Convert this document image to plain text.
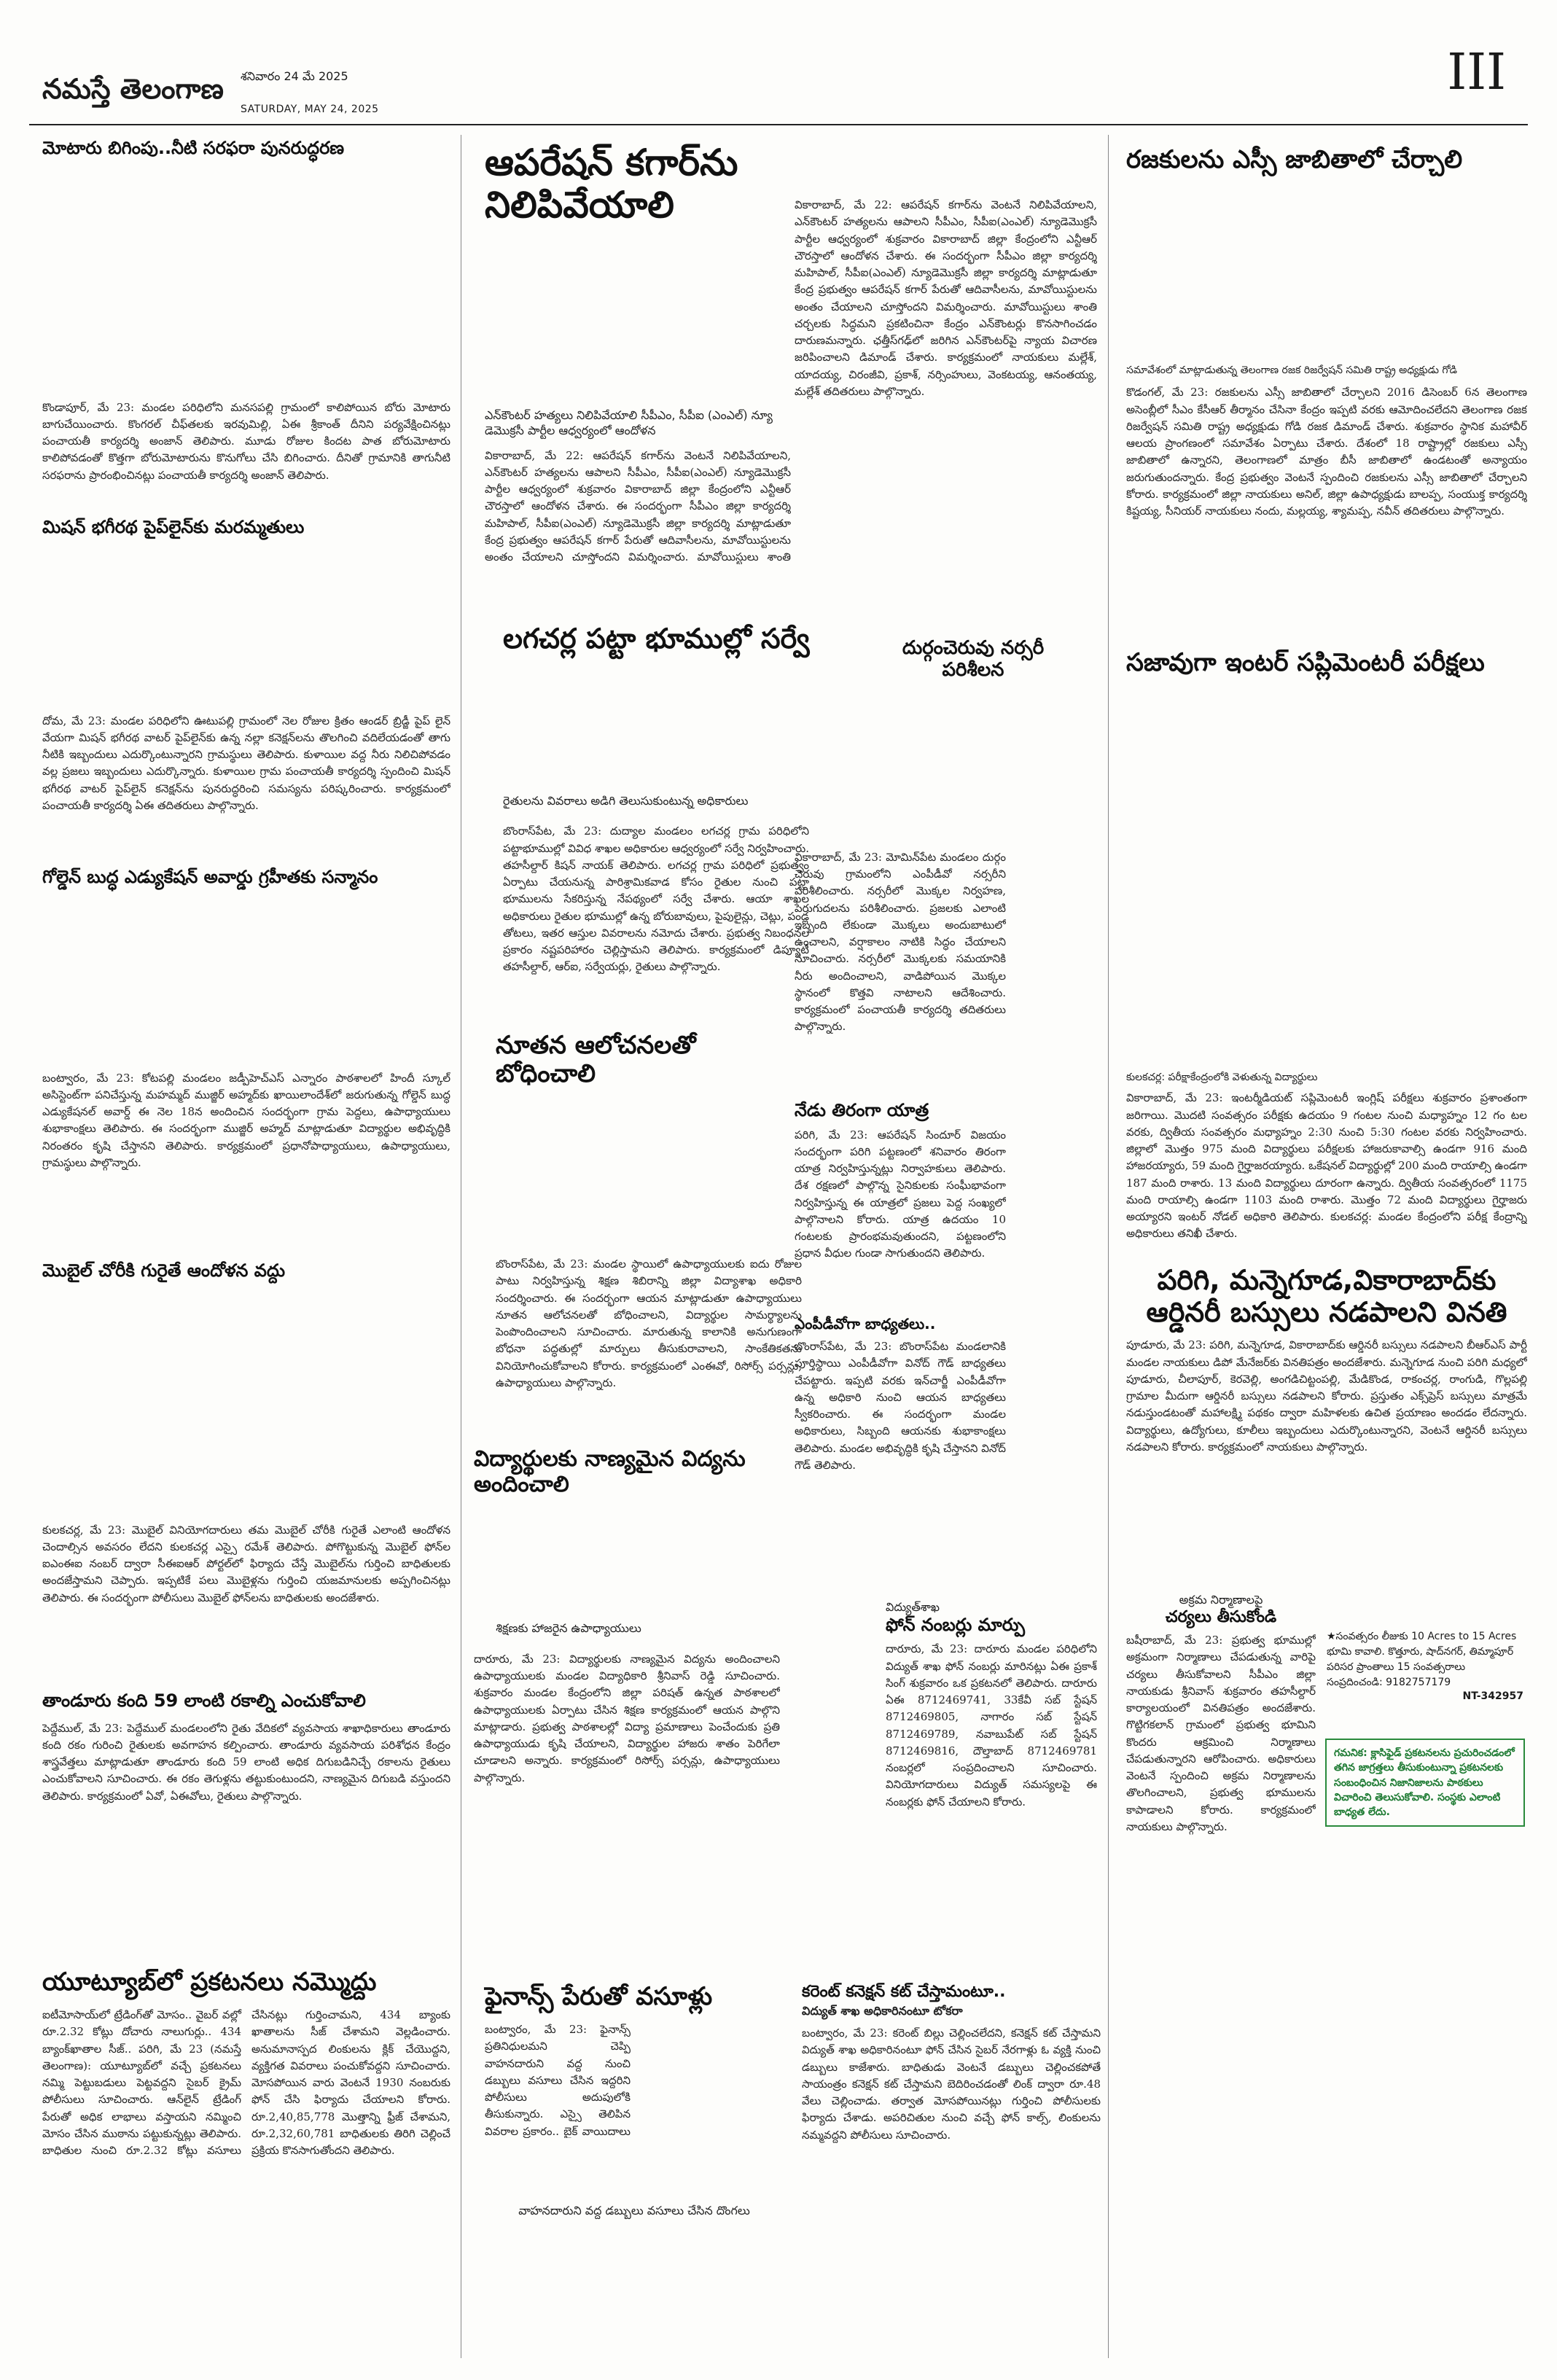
నమస్తే తెలంగాణ శనివారం 24 మే 2025
SATURDAY, MAY 24, 2025
III
మోటారు బిగింపు..నీటి సరఫరా పునరుద్ధరణ
కొండాపూర్‌, మే 23: మండల పరిధిలోని మనసపల్లి గ్రామంలో కాలిపోయిన బోరు మోటారు బాగుచేయించారు. కొంగరల్‌ చీఫ్‌తలకు ఇరవుమిల్లి, ఏఈ శ్రీకాంత్‌ దీనిని పర్యవేక్షించినట్లు పంచాయతీ కార్యదర్శి అంజాన్‌ తెలిపారు. మూడు రోజుల కిందట పాత బోరుమోటారు కాలిపోవడంతో కొత్తగా బోరుమోటారును కొనుగోలు చేసి బిగించారు. దీనితో గ్రామానికి తాగునీటి సరఫరాను ప్రారంభించినట్లు పంచాయతీ కార్యదర్శి అంజాన్‌ తెలిపారు.
మిషన్‌ భగీరథ పైప్‌లైన్‌కు మరమ్మతులు
దోమ, మే 23: మండల పరిధిలోని ఊటుపల్లి గ్రామంలో నెల రోజుల క్రితం ఆండర్‌ బ్రిడ్జీ పైప్‌ లైన్‌ వేయగా మిషన్‌ భగీరథ వాటర్‌ పైప్‌లైన్‌కు ఉన్న నల్లా కనెక్షన్‌లను తొలగించి వదిలేయడంతో తాగు నీటికి ఇబ్బందులు ఎదుర్కొంటున్నారని గ్రామస్థులు తెలిపారు. కుళాయిల వద్ద నీరు నిలిచిపోవడం వల్ల ప్రజలు ఇబ్బందులు ఎదుర్కొన్నారు. కుళాయిల గ్రామ పంచాయతీ కార్యదర్శి స్పందించి మిషన్‌ భగీరథ వాటర్‌ పైప్‌లైన్‌ కనెక్షన్‌ను పునరుద్ధరించి సమస్యను పరిష్కరించారు. కార్యక్రమంలో పంచాయతీ కార్యదర్శి ఏఈ తదితరులు పాల్గొన్నారు.
గోల్డెన్‌ బుద్ధ ఎడ్యుకేషన్‌ అవార్డు గ్రహీతకు సన్మానం
బంట్వారం, మే 23: కోటపల్లి మండలం జడ్పీహెచ్‌ఎస్‌ ఎన్నారం పాఠశాలలో హిందీ స్కూల్‌ అసిస్టెంట్‌గా పనిచేస్తున్న మహమ్మద్‌ ముజ్జిర్‌ అహ్మద్‌కు ఖాయిలాందేశ్‌లో జరుగుతున్న గోల్డెన్‌ బుద్ధ ఎడ్యుకేషనల్‌ అవార్డ్‌ ఈ నెల 18న అందించిన సందర్భంగా గ్రామ పెద్దలు, ఉపాధ్యాయులు శుభాకాంక్షలు తెలిపారు. ఈ సందర్భంగా ముజ్జిర్‌ అహ్మద్‌ మాట్లాడుతూ విద్యార్థుల అభివృద్ధికి నిరంతరం కృషి చేస్తానని తెలిపారు. కార్యక్రమంలో ప్రధానోపాధ్యాయులు, ఉపాధ్యాయులు, గ్రామస్థులు పాల్గొన్నారు.
మొబైల్‌ చోరీకి గురైతే ఆందోళన వద్దు
కులకచర్ల, మే 23: మొబైల్‌ వినియోగదారులు తమ మొబైల్‌ చోరీకి గురైతే ఎలాంటి ఆందోళన చెందాల్సిన అవసరం లేదని కులకచర్ల ఎస్సై రమేశ్‌ తెలిపారు. పోగొట్టుకున్న మొబైల్‌ ఫోన్‌ల ఐఎంఈఐ నంబర్‌ ద్వారా సీఈఐఆర్‌ పోర్టల్‌లో ఫిర్యాదు చేస్తే మొబైల్‌ను గుర్తించి బాధితులకు అందజేస్తామని చెప్పారు. ఇప్పటికే పలు మొబైళ్లను గుర్తించి యజమానులకు అప్పగించినట్లు తెలిపారు. ఈ సందర్భంగా పోలీసులు మొబైల్‌ ఫోన్‌లను బాధితులకు అందజేశారు.
తాండూరు కంది 59 లాంటి రకాల్ని ఎంచుకోవాలి
పెద్దేముల్‌, మే 23: పెద్దేముల్‌ మండలంలోని రైతు వేదికలో వ్యవసాయ శాఖాధికారులు తాండూరు కంది రకం గురించి రైతులకు అవగాహన కల్పించారు. తాండూరు వ్యవసాయ పరిశోధన కేంద్రం శాస్త్రవేత్తలు మాట్లాడుతూ తాండూరు కంది 59 లాంటి అధిక దిగుబడినిచ్చే రకాలను రైతులు ఎంచుకోవాలని సూచించారు. ఈ రకం తెగుళ్లను తట్టుకుంటుందని, నాణ్యమైన దిగుబడి వస్తుందని తెలిపారు. కార్యక్రమంలో ఏవో, ఏఈవోలు, రైతులు పాల్గొన్నారు.
యూట్యూబ్‌లో ప్రకటనలు నమ్మొద్దు
ఐటీమోసాయ్‌లో ట్రేడింగ్‌తో మోసం.. వైబర్‌ వల్లో రూ.2.32 కోట్లు దోచారు నాలుగుర్లు.. 434 బ్యాంక్‌ఖాతాల సీజ్‌.. పరిగి, మే 23 (నమస్తే తెలంగాణ): యూట్యూబ్‌లో వచ్చే ప్రకటనలు నమ్మి పెట్టుబడులు పెట్టవద్దని సైబర్‌ క్రైమ్‌ పోలీసులు సూచించారు. ఆన్‌లైన్‌ ట్రేడింగ్‌ పేరుతో అధిక లాభాలు వస్తాయని నమ్మించి మోసం చేసిన ముఠాను పట్టుకున్నట్లు తెలిపారు. బాధితుల నుంచి రూ.2.32 కోట్లు వసూలు చేసినట్లు గుర్తించామని, 434 బ్యాంకు ఖాతాలను సీజ్‌ చేశామని వెల్లడించారు. అనుమానాస్పద లింకులను క్లిక్‌ చేయొద్దని, వ్యక్తిగత వివరాలు పంచుకోవద్దని సూచించారు. మోసపోయిన వారు వెంటనే 1930 నంబరుకు ఫోన్‌ చేసి ఫిర్యాదు చేయాలని కోరారు. రూ.2,40,85,778 మొత్తాన్ని ఫ్రీజ్‌ చేశామని, రూ.2,32,60,781 బాధితులకు తిరిగి చెల్లించే ప్రక్రియ కొనసాగుతోందని తెలిపారు.
ఆపరేషన్‌ కగార్‌ను నిలిపివేయాలి
ఎన్‌కౌంటర్‌ హత్యలు నిలిపివేయాలి సీపీఎం, సీపీఐ (ఎంఎల్‌) న్యూ డెమొక్రసీ పార్టీల ఆధ్వర్యంలో ఆందోళన
వికారాబాద్‌, మే 22: ఆపరేషన్‌ కగార్‌ను వెంటనే నిలిపివేయాలని, ఎన్‌కౌంటర్‌ హత్యలను ఆపాలని సీపీఎం, సీపీఐ(ఎంఎల్‌) న్యూడెమొక్రసీ పార్టీల ఆధ్వర్యంలో శుక్రవారం వికారాబాద్‌ జిల్లా కేంద్రంలోని ఎన్టీఆర్‌ చౌరస్తాలో ఆందోళన చేశారు. ఈ సందర్భంగా సీపీఎం జిల్లా కార్యదర్శి మహిపాల్‌, సీపీఐ(ఎంఎల్‌) న్యూడెమొక్రసీ జిల్లా కార్యదర్శి మాట్లాడుతూ కేంద్ర ప్రభుత్వం ఆపరేషన్‌ కగార్‌ పేరుతో ఆదివాసీలను, మావోయిస్టులను అంతం చేయాలని చూస్తోందని విమర్శించారు. మావోయిస్టులు శాంతి
వికారాబాద్‌, మే 22: ఆపరేషన్‌ కగార్‌ను వెంటనే నిలిపివేయాలని, ఎన్‌కౌంటర్‌ హత్యలను ఆపాలని సీపీఎం, సీపీఐ(ఎంఎల్‌) న్యూడెమొక్రసీ పార్టీల ఆధ్వర్యంలో శుక్రవారం వికారాబాద్‌ జిల్లా కేంద్రంలోని ఎన్టీఆర్‌ చౌరస్తాలో ఆందోళన చేశారు. ఈ సందర్భంగా సీపీఎం జిల్లా కార్యదర్శి మహిపాల్‌, సీపీఐ(ఎంఎల్‌) న్యూడెమొక్రసీ జిల్లా కార్యదర్శి మాట్లాడుతూ కేంద్ర ప్రభుత్వం ఆపరేషన్‌ కగార్‌ పేరుతో ఆదివాసీలను, మావోయిస్టులను అంతం చేయాలని చూస్తోందని విమర్శించారు. మావోయిస్టులు శాంతి చర్చలకు సిద్ధమని ప్రకటించినా కేంద్రం ఎన్‌కౌంటర్లు కొనసాగించడం దారుణమన్నారు. ఛత్తీస్‌గఢ్‌లో జరిగిన ఎన్‌కౌంటర్‌పై న్యాయ విచారణ జరిపించాలని డిమాండ్‌ చేశారు. కార్యక్రమంలో నాయకులు మల్లేశ్‌, యాదయ్య, చిరంజీవి, ప్రకాశ్‌, నర్సింహులు, వెంకటయ్య, ఆనంతయ్య, మల్లేశ్‌ తదితరులు పాల్గొన్నారు.
లగచర్ల పట్టా భూముల్లో సర్వే
రైతులను వివరాలు అడిగి తెలుసుకుంటున్న అధికారులు
బొంరాస్‌పేట, మే 23: దుద్యాల మండలం లగచర్ల గ్రామ పరిధిలోని పట్టాభూముల్లో వివిధ శాఖల అధికారుల ఆధ్వర్యంలో సర్వే నిర్వహించారు. తహసీల్దార్‌ కిషన్‌ నాయక్‌ తెలిపారు. లగచర్ల గ్రామ పరిధిలో ప్రభుత్వం ఏర్పాటు చేయనున్న పారిశ్రామికవాడ కోసం రైతుల నుంచి పట్టా భూములను సేకరిస్తున్న నేపథ్యంలో సర్వే చేశారు. ఆయా శాఖల అధికారులు రైతుల భూముల్లో ఉన్న బోరుబావులు, పైపులైన్లు, చెట్లు, పండ్ల తోటలు, ఇతర ఆస్తుల వివరాలను నమోదు చేశారు. ప్రభుత్వ నిబంధనల ప్రకారం నష్టపరిహారం చెల్లిస్తామని తెలిపారు. కార్యక్రమంలో డిప్యూటీ తహసీల్దార్‌, ఆర్‌ఐ, సర్వేయర్లు, రైతులు పాల్గొన్నారు.
నూతన ఆలోచనలతో బోధించాలి
బొంరాస్‌పేట, మే 23: మండల స్థాయిలో ఉపాధ్యాయులకు ఐదు రోజుల పాటు నిర్వహిస్తున్న శిక్షణ శిబిరాన్ని జిల్లా విద్యాశాఖ అధికారి సందర్శించారు. ఈ సందర్భంగా ఆయన మాట్లాడుతూ ఉపాధ్యాయులు నూతన ఆలోచనలతో బోధించాలని, విద్యార్థుల సామర్థ్యాలను పెంపొందించాలని సూచించారు. మారుతున్న కాలానికి అనుగుణంగా బోధనా పద్ధతుల్లో మార్పులు తీసుకురావాలని, సాంకేతికతను వినియోగించుకోవాలని కోరారు. కార్యక్రమంలో ఎంఈవో, రిసోర్స్‌ పర్సన్లు, ఉపాధ్యాయులు పాల్గొన్నారు.
విద్యార్థులకు నాణ్యమైన విద్యను అందించాలి
శిక్షణకు హాజరైన ఉపాధ్యాయులు
దారూరు, మే 23: విద్యార్థులకు నాణ్యమైన విద్యను అందించాలని ఉపాధ్యాయులకు మండల విద్యాధికారి శ్రీనివాస్‌ రెడ్డి సూచించారు. శుక్రవారం మండల కేంద్రంలోని జిల్లా పరిషత్‌ ఉన్నత పాఠశాలలో ఉపాధ్యాయులకు ఏర్పాటు చేసిన శిక్షణ కార్యక్రమంలో ఆయన పాల్గొని మాట్లాడారు. ప్రభుత్వ పాఠశాలల్లో విద్యా ప్రమాణాలు పెంచేందుకు ప్రతి ఉపాధ్యాయుడు కృషి చేయాలని, విద్యార్థుల హాజరు శాతం పెరిగేలా చూడాలని అన్నారు. కార్యక్రమంలో రిసోర్స్‌ పర్సన్లు, ఉపాధ్యాయులు పాల్గొన్నారు.
ఫైనాన్స్‌ పేరుతో వసూళ్లు
బంట్వారం, మే 23: ఫైనాన్స్‌ ప్రతినిధులమని చెప్పి వాహనదారుని వద్ద నుంచి డబ్బులు వసూలు చేసిన ఇద్దరిని పోలీసులు అదుపులోకి తీసుకున్నారు. ఎస్సై తెలిపిన వివరాల ప్రకారం.. బైక్‌ వాయిదాలు
వాహనదారుని వద్ద డబ్బులు వసూలు చేసిన దొంగలు
దుర్గంచెరువు నర్సరీ పరిశీలన
వికారాబాద్‌, మే 23: మోమిన్‌పేట మండలం దుర్గం చెరువు గ్రామంలోని ఎంపీడీవో నర్సరీని పరిశీలించారు. నర్సరీలో మొక్కల నిర్వహణ, పెరుగుదలను పరిశీలించారు. ప్రజలకు ఎలాంటి ఇబ్బంది లేకుండా మొక్కలు అందుబాటులో ఉంచాలని, వర్షాకాలం నాటికి సిద్ధం చేయాలని సూచించారు. నర్సరీలో మొక్కలకు సమయానికి నీరు అందించాలని, వాడిపోయిన మొక్కల స్థానంలో కొత్తవి నాటాలని ఆదేశించారు. కార్యక్రమంలో పంచాయతీ కార్యదర్శి తదితరులు పాల్గొన్నారు.
నేడు తిరంగా యాత్ర
పరిగి, మే 23: ఆపరేషన్‌ సిందూర్‌ విజయం సందర్భంగా పరిగి పట్టణంలో శనివారం తిరంగా యాత్ర నిర్వహిస్తున్నట్లు నిర్వాహకులు తెలిపారు. దేశ రక్షణలో పాల్గొన్న సైనికులకు సంఘీభావంగా నిర్వహిస్తున్న ఈ యాత్రలో ప్రజలు పెద్ద సంఖ్యలో పాల్గొనాలని కోరారు. యాత్ర ఉదయం 10 గంటలకు ప్రారంభమవుతుందని, పట్టణంలోని ప్రధాన వీధుల గుండా సాగుతుందని తెలిపారు.
ఎంపీడీవోగా బాధ్యతలు..
బొంరాస్‌పేట, మే 23: బొంరాస్‌పేట మండలానికి పూర్తిస్థాయి ఎంపీడీవోగా వినోద్‌ గౌడ్‌ బాధ్యతలు చేపట్టారు. ఇప్పటి వరకు ఇన్‌చార్జీ ఎంపీడీవోగా ఉన్న అధికారి నుంచి ఆయన బాధ్యతలు స్వీకరించారు. ఈ సందర్భంగా మండల అధికారులు, సిబ్బంది ఆయనకు శుభాకాంక్షలు తెలిపారు. మండల అభివృద్ధికి కృషి చేస్తానని వినోద్‌ గౌడ్‌ తెలిపారు.
విద్యుత్‌శాఖ
ఫోన్‌ నంబర్లు మార్పు
దారూరు, మే 23: దారూరు మండల పరిధిలోని విద్యుత్‌ శాఖ ఫోన్‌ నంబర్లు మారినట్లు ఏఈ ప్రకాశ్‌ సింగ్‌ శుక్రవారం ఒక ప్రకటనలో తెలిపారు. దారూరు ఏఈ 8712469741, 33కేవీ సబ్‌ స్టేషన్‌ 8712469805, నాగారం సబ్‌ స్టేషన్‌ 8712469789, నవాబుపేట్‌ సబ్‌ స్టేషన్‌ 8712469816, దౌల్తాబాద్‌ 8712469781 నంబర్లలో సంప్రదించాలని సూచించారు. వినియోగదారులు విద్యుత్‌ సమస్యలపై ఈ నంబర్లకు ఫోన్‌ చేయాలని కోరారు.
కరెంట్‌ కనెక్షన్‌ కట్‌ చేస్తామంటూ..
విద్యుత్‌ శాఖ అధికారినంటూ టోకరా
బంట్వారం, మే 23: కరెంట్‌ బిల్లు చెల్లించలేదని, కనెక్షన్‌ కట్‌ చేస్తామని విద్యుత్‌ శాఖ అధికారినంటూ ఫోన్‌ చేసిన సైబర్‌ నేరగాళ్లు ఓ వ్యక్తి నుంచి డబ్బులు కాజేశారు. బాధితుడు వెంటనే డబ్బులు చెల్లించకపోతే సాయంత్రం కనెక్షన్‌ కట్‌ చేస్తామని బెదిరించడంతో లింక్‌ ద్వారా రూ.48 వేలు చెల్లించాడు. తర్వాత మోసపోయినట్లు గుర్తించి పోలీసులకు ఫిర్యాదు చేశాడు. అపరిచితుల నుంచి వచ్చే ఫోన్‌ కాల్స్‌, లింకులను నమ్మవద్దని పోలీసులు సూచించారు.
రజకులను ఎస్సీ జాబితాలో చేర్చాలి
సమావేశంలో మాట్లాడుతున్న తెలంగాణ రజక రిజర్వేషన్‌ సమితి రాష్ట్ర అధ్యక్షుడు గోడి
కొడంగల్‌, మే 23: రజకులను ఎస్సీ జాబితాలో చేర్చాలని 2016 డిసెంబర్‌ 6న తెలంగాణ అసెంబ్లీలో సీఎం కేసీఆర్‌ తీర్మానం చేసినా కేంద్రం ఇప్పటి వరకు ఆమోదించలేదని తెలంగాణ రజక రిజర్వేషన్‌ సమితి రాష్ట్ర అధ్యక్షుడు గోడి రజక డిమాండ్‌ చేశారు. శుక్రవారం స్థానిక మహావీర్‌ ఆలయ ప్రాంగణంలో సమావేశం ఏర్పాటు చేశారు. దేశంలో 18 రాష్ట్రాల్లో రజకులు ఎస్సీ జాబితాలో ఉన్నారని, తెలంగాణలో మాత్రం బీసీ జాబితాలో ఉండటంతో అన్యాయం జరుగుతుందన్నారు. కేంద్ర ప్రభుత్వం వెంటనే స్పందించి రజకులను ఎస్సీ జాబితాలో చేర్చాలని కోరారు. కార్యక్రమంలో జిల్లా నాయకులు అనిల్‌, జిల్లా ఉపాధ్యక్షుడు బాలప్ప, సంయుక్త కార్యదర్శి కిష్టయ్య, సీనియర్‌ నాయకులు నందు, మల్లయ్య, శ్యామప్ప, నవీన్‌ తదితరులు పాల్గొన్నారు.
సజావుగా ఇంటర్‌ సప్లిమెంటరీ పరీక్షలు
కులకచర్ల: పరీక్షాకేంద్రంలోకి వెళుతున్న విద్యార్థులు
వికారాబాద్‌, మే 23: ఇంటర్మీడియట్‌ సప్లిమెంటరీ ఇంగ్లిష్‌ పరీక్షలు శుక్రవారం ప్రశాంతంగా జరిగాయి. మొదటి సంవత్సరం పరీక్షకు ఉదయం 9 గంటల నుంచి మధ్యాహ్నం 12 గం టల వరకు, ద్వితీయ సంవత్సరం మధ్యాహ్నం 2:30 నుంచి 5:30 గంటల వరకు నిర్వహించారు. జిల్లాలో మొత్తం 975 మంది విద్యార్థులు పరీక్షలకు హాజరుకావాల్సి ఉండగా 916 మంది హాజరయ్యారు, 59 మంది గైర్హాజరయ్యారు. ఒకేషనల్‌ విద్యార్థుల్లో 200 మంది రాయాల్సి ఉండగా 187 మంది రాశారు. 13 మంది విద్యార్థులు దూరంగా ఉన్నారు. ద్వితీయ సంవత్సరంలో 1175 మంది రాయాల్సి ఉండగా 1103 మంది రాశారు. మొత్తం 72 మంది విద్యార్థులు గైర్హాజరు అయ్యారని ఇంటర్‌ నోడల్‌ అధికారి తెలిపారు. కులకచర్ల: మండల కేంద్రంలోని పరీక్ష కేంద్రాన్ని అధికారులు తనిఖీ చేశారు.
పరిగి, మన్నెగూడ,వికారాబాద్‌కు ఆర్డినరీ బస్సులు నడపాలని వినతి
పూడూరు, మే 23: పరిగి, మన్నెగూడ, వికారాబాద్‌కు ఆర్డినరీ బస్సులు నడపాలని బీఆర్‌ఎస్‌ పార్టీ మండల నాయకులు డిపో మేనేజర్‌కు వినతిపత్రం అందజేశారు. మన్నెగూడ నుంచి పరిగి మధ్యలో పూడూరు, చీలాపూర్‌, కెరవెల్లి, అంగడిచిట్టంపల్లి, మేడికొండ, రాకంచర్ల, రాంగుడి, గొల్లపల్లి గ్రామాల మీదుగా ఆర్డినరీ బస్సులు నడపాలని కోరారు. ప్రస్తుతం ఎక్స్‌ప్రెస్‌ బస్సులు మాత్రమే నడుస్తుండటంతో మహాలక్ష్మి పథకం ద్వారా మహిళలకు ఉచిత ప్రయాణం అందడం లేదన్నారు. విద్యార్థులు, ఉద్యోగులు, కూలీలు ఇబ్బందులు ఎదుర్కొంటున్నారని, వెంటనే ఆర్డినరీ బస్సులు నడపాలని కోరారు. కార్యక్రమంలో నాయకులు పాల్గొన్నారు.
అక్రమ నిర్మాణాలపై
చర్యలు తీసుకోండి
బషీరాబాద్‌, మే 23: ప్రభుత్వ భూముల్లో అక్రమంగా నిర్మాణాలు చేపడుతున్న వారిపై చర్యలు తీసుకోవాలని సీపీఎం జిల్లా నాయకుడు శ్రీనివాస్‌ శుక్రవారం తహసీల్దార్‌ కార్యాలయంలో వినతిపత్రం అందజేశారు. గొట్టిగకలాన్‌ గ్రామంలో ప్రభుత్వ భూమిని కొందరు ఆక్రమించి నిర్మాణాలు చేపడుతున్నారని ఆరోపించారు. అధికారులు వెంటనే స్పందించి అక్రమ నిర్మాణాలను తొలగించాలని, ప్రభుత్వ భూములను కాపాడాలని కోరారు. కార్యక్రమంలో నాయకులు పాల్గొన్నారు.
★సంవత్సరం లీజుకు 10 Acres to 15 Acres భూమి కావాలి. కొత్తూరు, షాద్‌నగర్‌, తిమ్మాపూర్‌ పరిసర ప్రాంతాలు 15 సంవత్సరాలు సంప్రదించండి: 9182757179
NT-342957
గమనిక: క్లాసిఫైడ్‌ ప్రకటనలను ప్రచురించడంలో తగిన జాగ్రత్తలు తీసుకుంటున్నా ప్రకటనలకు సంబంధించిన నిజానిజాలను పాఠకులు విచారించి తెలుసుకోవాలి. సంస్థకు ఎలాంటి బాధ్యత లేదు.
